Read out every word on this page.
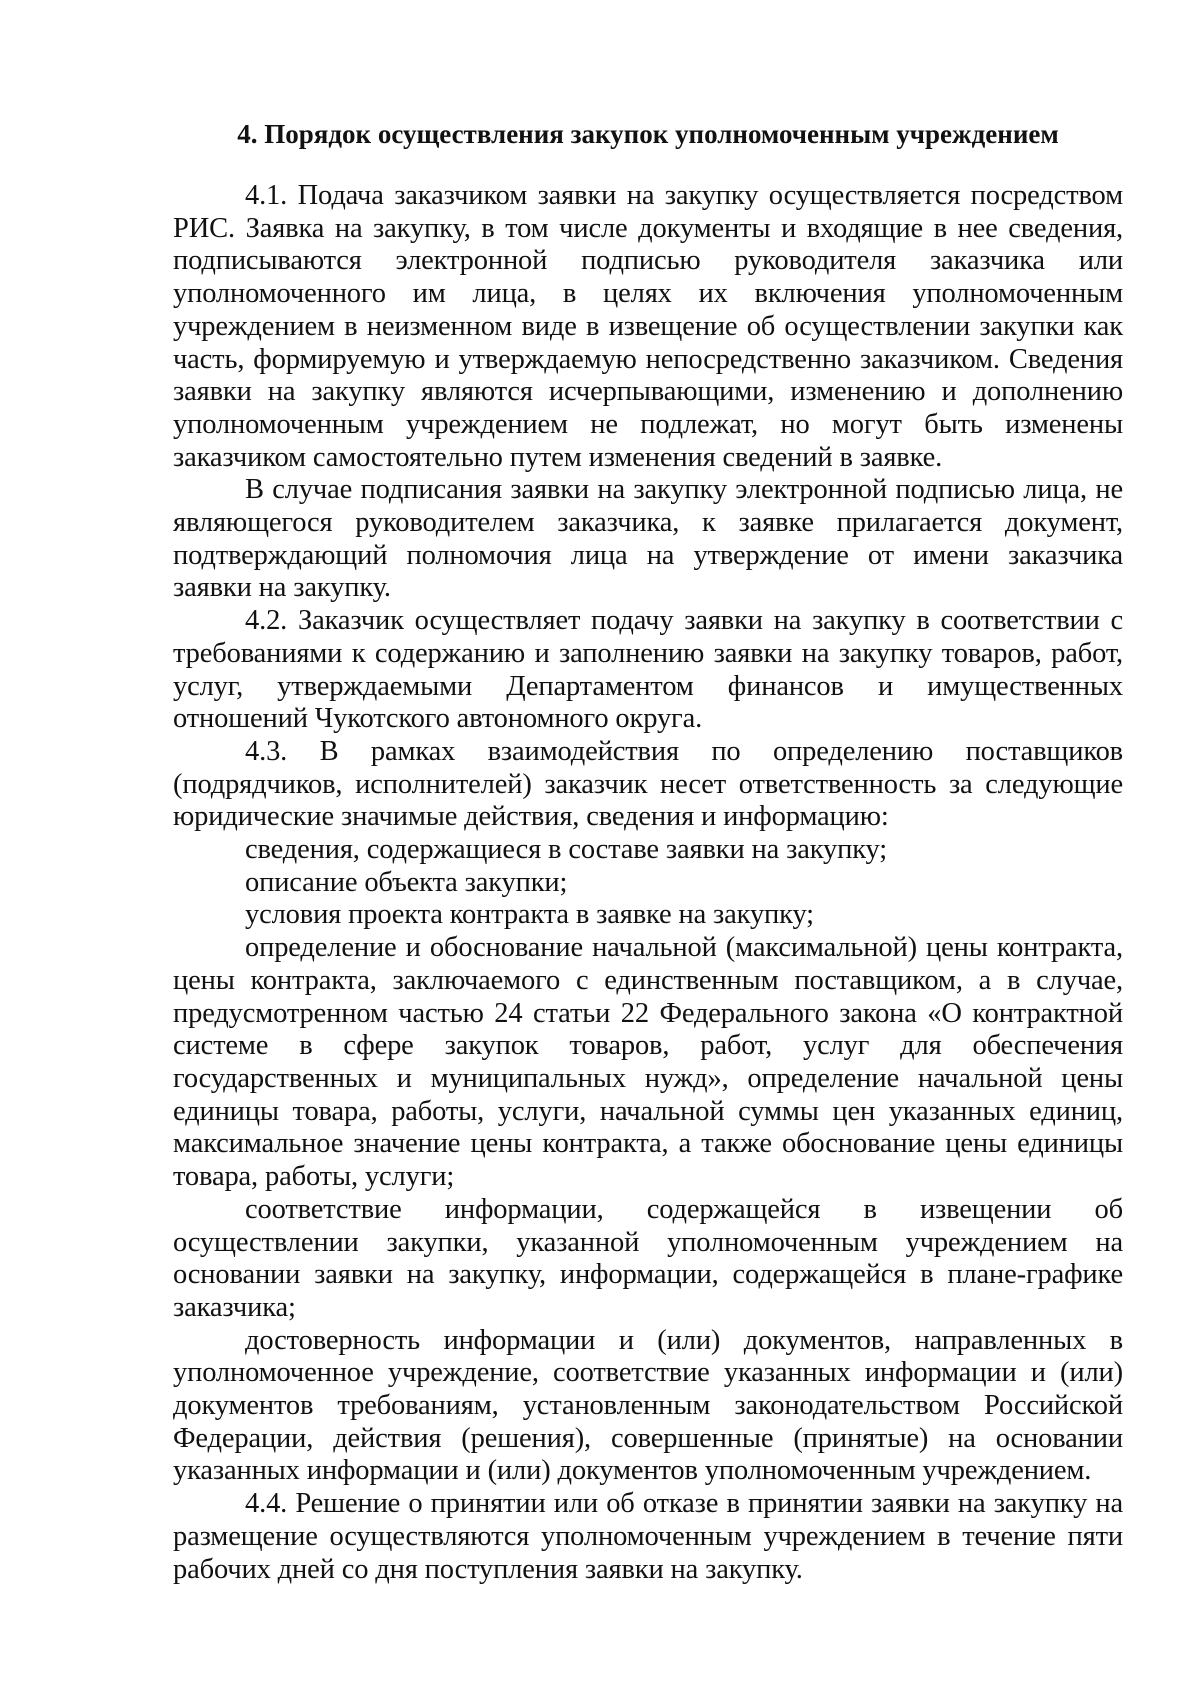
4. Порядок осуществления закупок уполномоченным учреждением

4.1. Подача заказчиком заявки на закупку осуществляется посредством РИС. Заявка на закупку, в том числе документы и входящие в нее сведения, подписываются электронной подписью руководителя заказчика или уполномоченного им лица, в целях их включения уполномоченным учреждением в неизменном виде в извещение об осуществлении закупки как часть, формируемую и утверждаемую непосредственно заказчиком. Сведения заявки на закупку являются исчерпывающими, изменению и дополнению уполномоченным учреждением не подлежат, но могут быть изменены заказчиком самостоятельно путем изменения сведений в заявке.

В случае подписания заявки на закупку электронной подписью лица, не являющегося руководителем заказчика, к заявке прилагается документ, подтверждающий полномочия лица на утверждение от имени заказчика заявки на закупку.

4.2. Заказчик осуществляет подачу заявки на закупку в соответствии с требованиями к содержанию и заполнению заявки на закупку товаров, работ, услуг, утверждаемыми Департаментом финансов и имущественных отношений Чукотского автономного округа.

4.3. В рамках взаимодействия по определению поставщиков (подрядчиков, исполнителей) заказчик несет ответственность за следующие юридические значимые действия, сведения и информацию:

сведения, содержащиеся в составе заявки на закупку;

описание объекта закупки;

условия проекта контракта в заявке на закупку;

определение и обоснование начальной (максимальной) цены контракта, цены контракта, заключаемого с единственным поставщиком, а в случае, предусмотренном частью 24 статьи 22 Федерального закона «О контрактной системе в сфере закупок товаров, работ, услуг для обеспечения государственных и муниципальных нужд», определение начальной цены единицы товара, работы, услуги, начальной суммы цен указанных единиц, максимальное значение цены контракта, а также обоснование цены единицы товара, работы, услуги;

соответствие информации, содержащейся в извещении об осуществлении закупки, указанной уполномоченным учреждением на основании заявки на закупку, информации, содержащейся в плане-графике заказчика;

достоверность информации и (или) документов, направленных в уполномоченное учреждение, соответствие указанных информации и (или) документов требованиям, установленным законодательством Российской Федерации, действия (решения), совершенные (принятые) на основании указанных информации и (или) документов уполномоченным учреждением.

4.4. Решение о принятии или об отказе в принятии заявки на закупку на размещение осуществляются уполномоченным учреждением в течение пяти рабочих дней со дня поступления заявки на закупку.
